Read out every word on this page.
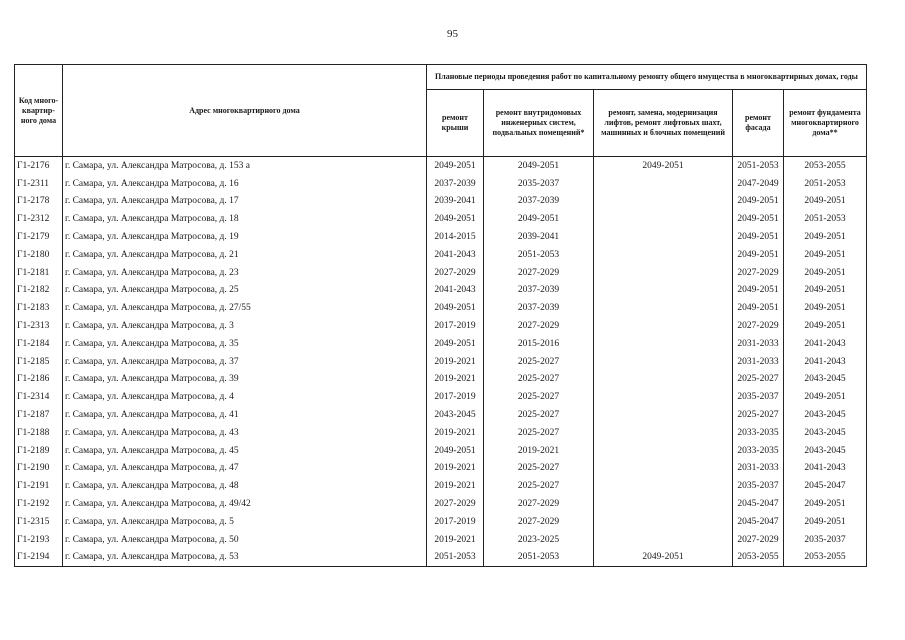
95
Код много-квартир-ного дома	Адрес многоквартирного дома	Плановые периоды проведения работ по капитальному ремонту общего имущества в многоквартирных домах, годы				
		ремонт крыши	ремонт внутридомовых инженерных систем, подвальных помещений*	ремонт, замена, модернизация лифтов, ремонт лифтовых шахт, машинных и блочных помещений	ремонт фасада	ремонт фундамента многоквартирного дома**
Г1-2176	г. Самара, ул. Александра Матросова, д. 153 а	2049-2051	2049-2051	2049-2051	2051-2053	2053-2055
Г1-2311	г. Самара, ул. Александра Матросова, д. 16	2037-2039	2035-2037		2047-2049	2051-2053
Г1-2178	г. Самара, ул. Александра Матросова, д. 17	2039-2041	2037-2039		2049-2051	2049-2051
Г1-2312	г. Самара, ул. Александра Матросова, д. 18	2049-2051	2049-2051		2049-2051	2051-2053
Г1-2179	г. Самара, ул. Александра Матросова, д. 19	2014-2015	2039-2041		2049-2051	2049-2051
Г1-2180	г. Самара, ул. Александра Матросова, д. 21	2041-2043	2051-2053		2049-2051	2049-2051
Г1-2181	г. Самара, ул. Александра Матросова, д. 23	2027-2029	2027-2029		2027-2029	2049-2051
Г1-2182	г. Самара, ул. Александра Матросова, д. 25	2041-2043	2037-2039		2049-2051	2049-2051
Г1-2183	г. Самара, ул. Александра Матросова, д. 27/55	2049-2051	2037-2039		2049-2051	2049-2051
Г1-2313	г. Самара, ул. Александра Матросова, д. 3	2017-2019	2027-2029		2027-2029	2049-2051
Г1-2184	г. Самара, ул. Александра Матросова, д. 35	2049-2051	2015-2016		2031-2033	2041-2043
Г1-2185	г. Самара, ул. Александра Матросова, д. 37	2019-2021	2025-2027		2031-2033	2041-2043
Г1-2186	г. Самара, ул. Александра Матросова, д. 39	2019-2021	2025-2027		2025-2027	2043-2045
Г1-2314	г. Самара, ул. Александра Матросова, д. 4	2017-2019	2025-2027		2035-2037	2049-2051
Г1-2187	г. Самара, ул. Александра Матросова, д. 41	2043-2045	2025-2027		2025-2027	2043-2045
Г1-2188	г. Самара, ул. Александра Матросова, д. 43	2019-2021	2025-2027		2033-2035	2043-2045
Г1-2189	г. Самара, ул. Александра Матросова, д. 45	2049-2051	2019-2021		2033-2035	2043-2045
Г1-2190	г. Самара, ул. Александра Матросова, д. 47	2019-2021	2025-2027		2031-2033	2041-2043
Г1-2191	г. Самара, ул. Александра Матросова, д. 48	2019-2021	2025-2027		2035-2037	2045-2047
Г1-2192	г. Самара, ул. Александра Матросова, д. 49/42	2027-2029	2027-2029		2045-2047	2049-2051
Г1-2315	г. Самара, ул. Александра Матросова, д. 5	2017-2019	2027-2029		2045-2047	2049-2051
Г1-2193	г. Самара, ул. Александра Матросова, д. 50	2019-2021	2023-2025		2027-2029	2035-2037
Г1-2194	г. Самара, ул. Александра Матросова, д. 53	2051-2053	2051-2053	2049-2051	2053-2055	2053-2055
